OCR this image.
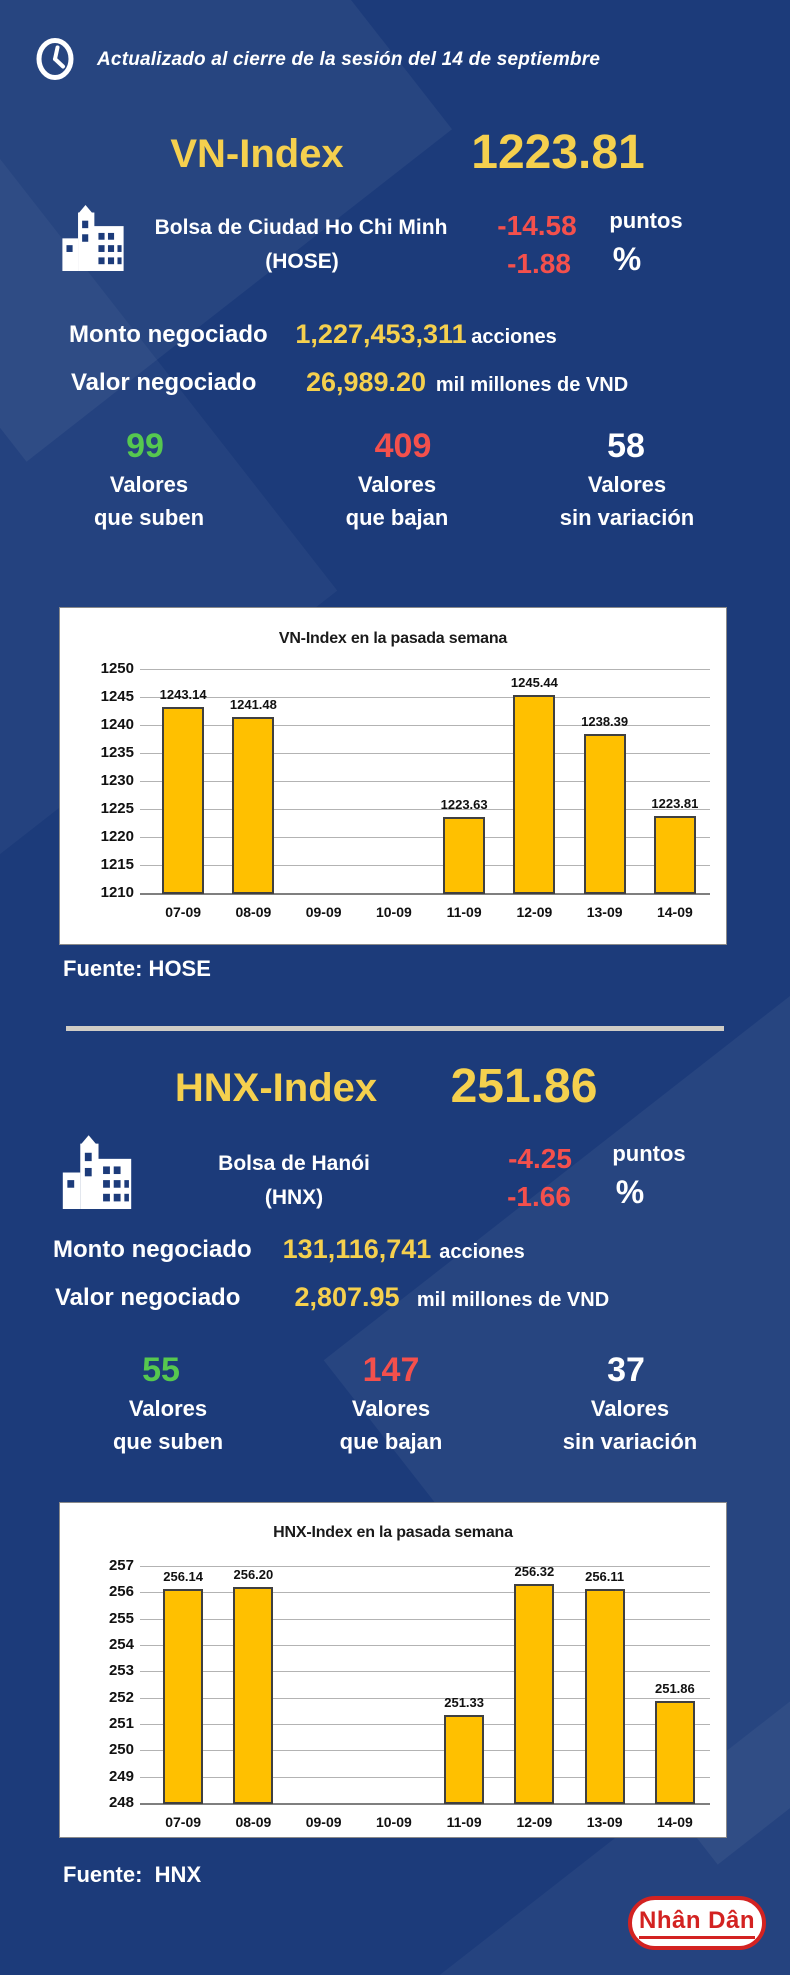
Actualizado al cierre de la sesión del 14 de septiembre
VN-Index	1223.81
Bolsa de Ciudad Ho Chi Minh
(HOSE)
-14.58 puntos
-1.88 %
Monto negociado 1,227,453,311 acciones
Valor negociado 26,989.20 mil millones de VND
99	409	58
Valores
que suben
Valores
que bajan
Valores
sin variación
VN-Index en la pasada semana
1250
1245
1240
1235
1230
1225
1220
1215
1210
07-09
1243.14
08-09
1241.48
09-09	10-09	11-09
1223.63
12-09
1245.44
13-09
1238.39
14-09
1223.81
Fuente: HOSE
HNX-Index 251.86
Bolsa de Hanói
(HNX)
-4.25 puntos
-1.66 %
Monto negociado 131,116,741 acciones
Valor negociado 2,807.95 mil millones de VND
55	147	37
Valores
que suben
Valores
que bajan
Valores
sin variación
HNX-Index en la pasada semana
257
256
255
254
253
252
251
250
249
248
07-09
256.14
08-09
256.20
09-09	10-09	11-09
251.33
12-09
256.32
13-09
256.11
14-09
251.86
Fuente:  HNX
Nhân Dân
